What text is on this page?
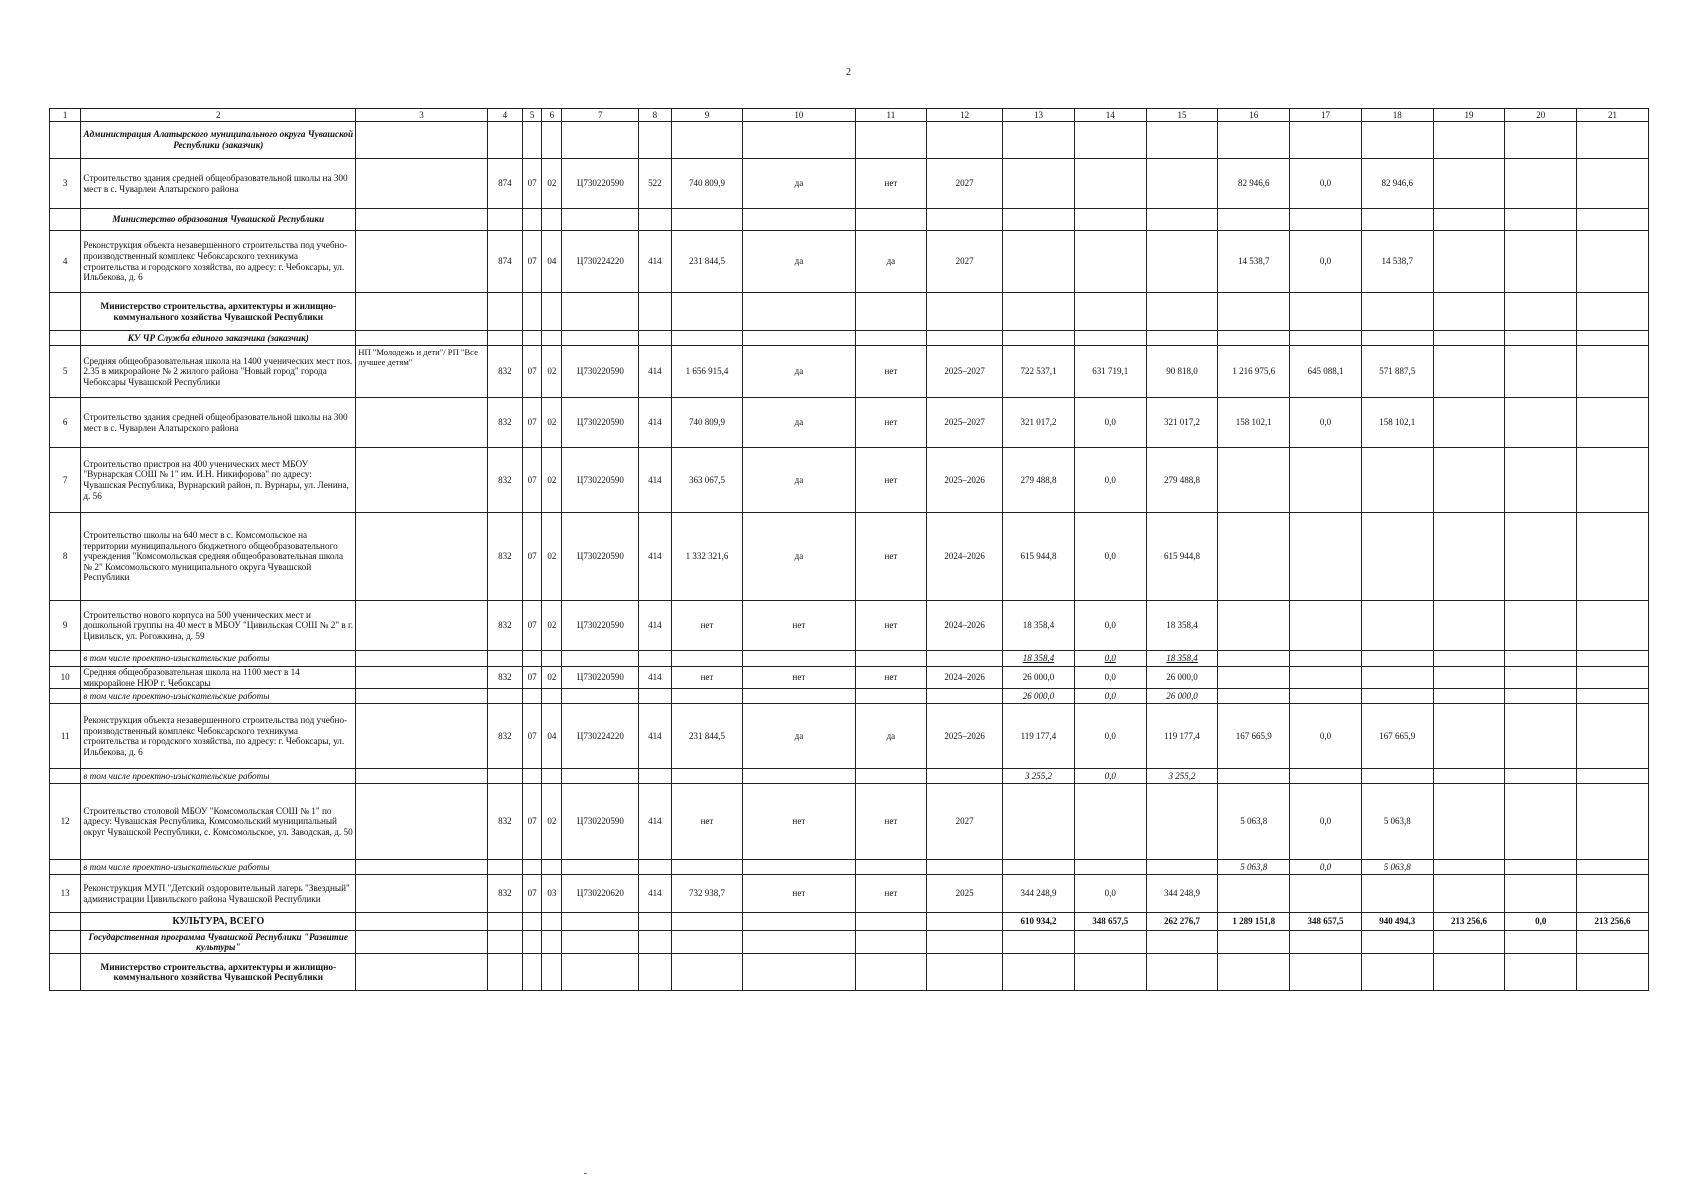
2
1	2	3	4	5	6	7	8	9	10	11	12	13	14	15	16	17	18	19	20	21
	Администрация Алатырского муниципального округа Чувашской Республики (заказчик)																			
3	Строительство здания средней общеобразовательной школы на 300 мест в с. Чуварлеи Алатырского района		874	07	02	Ц730220590	522	740 809,9	да	нет	2027				82 946,6	0,0	82 946,6			
	Министерство образования Чувашской Республики																			
4	Реконструкция объекта незавершенного строительства под учебно-производственный комплекс Чебоксарского техникума строительства и городского хозяйства, по адресу: г. Чебоксары, ул. Ильбекова, д. 6		874	07	04	Ц730224220	414	231 844,5	да	да	2027				14 538,7	0,0	14 538,7			
	Министерство строительства, архитектуры и жилищно-коммунального хозяйства Чувашской Республики																			
	КУ ЧР Служба единого заказчика (заказчик)																			
5	Средняя общеобразовательная школа на 1400 ученических мест поз. 2.35 в микрорайоне № 2 жилого района "Новый город" города Чебоксары Чувашской Республики	НП "Молодежь и дети"/ РП "Все лучшее детям"	832	07	02	Ц730220590	414	1 656 915,4	да	нет	2025–2027	722 537,1	631 719,1	90 818,0	1 216 975,6	645 088,1	571 887,5			
6	Строительство здания средней общеобразовательной школы на 300 мест в с. Чуварлеи Алатырского района		832	07	02	Ц730220590	414	740 809,9	да	нет	2025–2027	321 017,2	0,0	321 017,2	158 102,1	0,0	158 102,1			
7	Строительство пристроя на 400 ученических мест МБОУ "Вурнарская СОШ № 1" им. И.Н. Никифорова" по адресу: Чувашская Республика, Вурнарский район, п. Вурнары, ул. Ленина, д. 56		832	07	02	Ц730220590	414	363 067,5	да	нет	2025–2026	279 488,8	0,0	279 488,8						
8	Строительство школы на 640 мест в с. Комсомольское на территории муниципального бюджетного общеобразовательного учреждения "Комсомольская средняя общеобразовательная школа № 2" Комсомольского муниципального округа Чувашской Республики		832	07	02	Ц730220590	414	1 332 321,6	да	нет	2024–2026	615 944,8	0,0	615 944,8						
9	Строительство нового корпуса на 500 ученических мест и дошкольной группы на 40 мест в МБОУ "Цивильская СОШ № 2" в г. Цивильск, ул. Рогожкина, д. 59		832	07	02	Ц730220590	414	нет	нет	нет	2024–2026	18 358,4	0,0	18 358,4						
	в том числе проектно-изыскательские работы											18 358,4	0,0	18 358,4						
10	Средняя общеобразовательная школа на 1100 мест в 14 микрорайоне НЮР г. Чебоксары		832	07	02	Ц730220590	414	нет	нет	нет	2024–2026	26 000,0	0,0	26 000,0						
	в том числе проектно-изыскательские работы											26 000,0	0,0	26 000,0						
11	Реконструкция объекта незавершенного строительства под учебно-производственный комплекс Чебоксарского техникума строительства и городского хозяйства, по адресу: г. Чебоксары, ул. Ильбекова, д. 6		832	07	04	Ц730224220	414	231 844,5	да	да	2025–2026	119 177,4	0,0	119 177,4	167 665,9	0,0	167 665,9			
	в том числе проектно-изыскательские работы											3 255,2	0,0	3 255,2						
12	Строительство столовой МБОУ "Комсомольская СОШ № 1" по адресу: Чувашская Республика, Комсомольский муниципальный округ Чувашской Республики, с. Комсомольское, ул. Заводская, д. 50		832	07	02	Ц730220590	414	нет	нет	нет	2027				5 063,8	0,0	5 063,8			
	в том числе проектно-изыскательские работы														5 063,8	0,0	5 063,8			
13	Реконструкция МУП "Детский оздоровительный лагерь "Звездный" администрации Цивильского района Чувашской Республики		832	07	03	Ц730220620	414	732 938,7	нет	нет	2025	344 248,9	0,0	344 248,9						
	КУЛЬТУРА, ВСЕГО											610 934,2	348 657,5	262 276,7	1 289 151,8	348 657,5	940 494,3	213 256,6	0,0	213 256,6
	Государственная программа Чувашской Республики "Развитие культуры"																			
	Министерство строительства, архитектуры и жилищно-коммунального хозяйства Чувашской Республики																			
